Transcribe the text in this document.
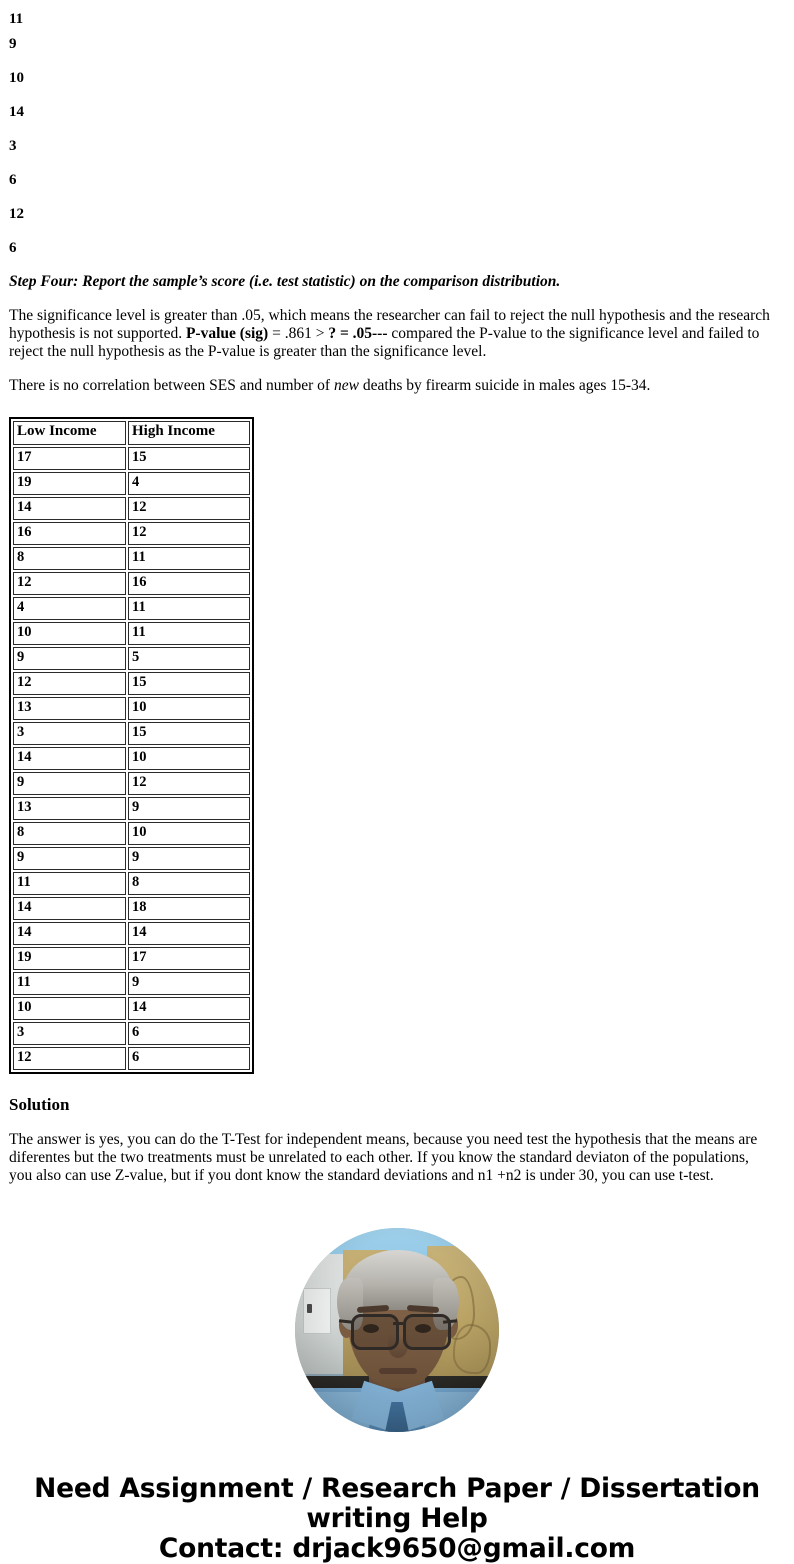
11
9
10
14
3
6
12
6
Step Four: Report the sample’s score (i.e. test statistic) on the comparison distribution.

The significance level is greater than .05, which means the researcher can fail to reject the null hypothesis and the research hypothesis is not supported. P-value (sig) = .861 > ? = .05--- compared the P-value to the significance level and failed to reject the null hypothesis as the P-value is greater than the significance level.

There is no correlation between SES and number of new deaths by firearm suicide in males ages 15-34.

Low Income	High Income
17	15
19	4
14	12
16	12
8	11
12	16
4	11
10	11
9	5
12	15
13	10
3	15
14	10
9	12
13	9
8	10
9	9
11	8
14	18
14	14
19	17
11	9
10	14
3	6
12	6
Solution

The answer is yes, you can do the T-Test for independent means, because you need test the hypothesis that the means are diferentes but the two treatments must be unrelated to each other. If you know the standard deviaton of the populations, you also can use Z-value, but if you dont know the standard deviations and n1 +n2 is under 30, you can use t-test.

Need Assignment / Research Paper / Dissertation
writing Help
Contact: drjack9650@gmail.com
